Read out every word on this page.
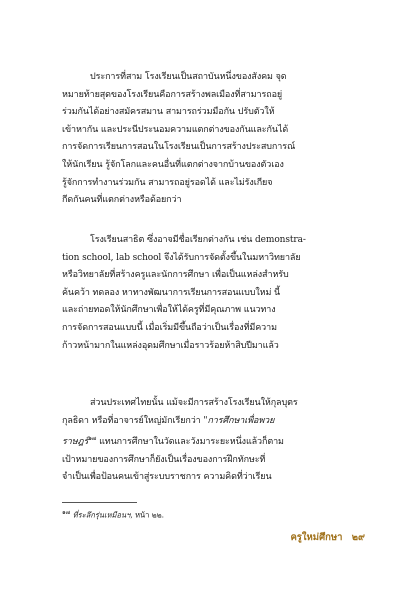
ประการที่สาม โรงเรียนเป็นสถาบันหนึ่งของสังคม จุด
หมายท้ายสุดของโรงเรียนคือการสร้างพลเมืองที่สามารถอยู่
ร่วมกันได้อย่างสมัครสมาน สามารถร่วมมือกัน ปรับตัวให้
เข้าหากัน และประนีประนอมความแตกต่างของกันและกันได้
การจัดการเรียนการสอนในโรงเรียนเป็นการสร้างประสบการณ์
ให้นักเรียน รู้จักโลกและคนอื่นที่แตกต่างจากบ้านของตัวเอง
รู้จักการทำงานร่วมกัน สามารถอยู่รอดได้ และไม่รังเกียจ
กีดกันคนที่แตกต่างหรือด้อยกว่า

โรงเรียนสาธิต ซึ่งอาจมีชื่อเรียกต่างกัน เช่น demonstra-
tion school, lab school จึงได้รับการจัดตั้งขึ้นในมหาวิทยาลัย
หรือวิทยาลัยที่สร้างครูและนักการศึกษา เพื่อเป็นแหล่งสำหรับ
ค้นคว้า ทดลอง หาทางพัฒนาการเรียนการสอนแบบใหม่ นี้
และถ่ายทอดให้นักศึกษาเพื่อให้ได้ครูที่มีคุณภาพ แนวทาง
การจัดการสอนแบบนี้ เมื่อเริ่มมีขึ้นถือว่าเป็นเรื่องที่มีความ
ก้าวหน้ามากในแหล่งอุดมศึกษาเมื่อราวร้อยห้าสิบปีมาแล้ว

ส่วนประเทศไทยนั้น แม้จะมีการสร้างโรงเรียนให้กุลบุตร
กุลธิดา หรือที่อาจารย์ใหญ่มักเรียกว่า "การศึกษาเพื่อพวย
ราษฎร์$^{๑๗}$ แทนการศึกษาในวัดและวังมาระยะหนึ่งแล้วก็ตาม
เป้าหมายของการศึกษาก็ยังเป็นเรื่องของการฝึกทักษะที่
จำเป็นเพื่อป้อนคนเข้าสู่ระบบราชการ ความคิดที่ว่าเรียน

$^{๑๗}$ ที่ระลึกรุ่นเหมือนฯ, หน้า ๒๒.
ครูใหม่ศึกษา ๒๙
